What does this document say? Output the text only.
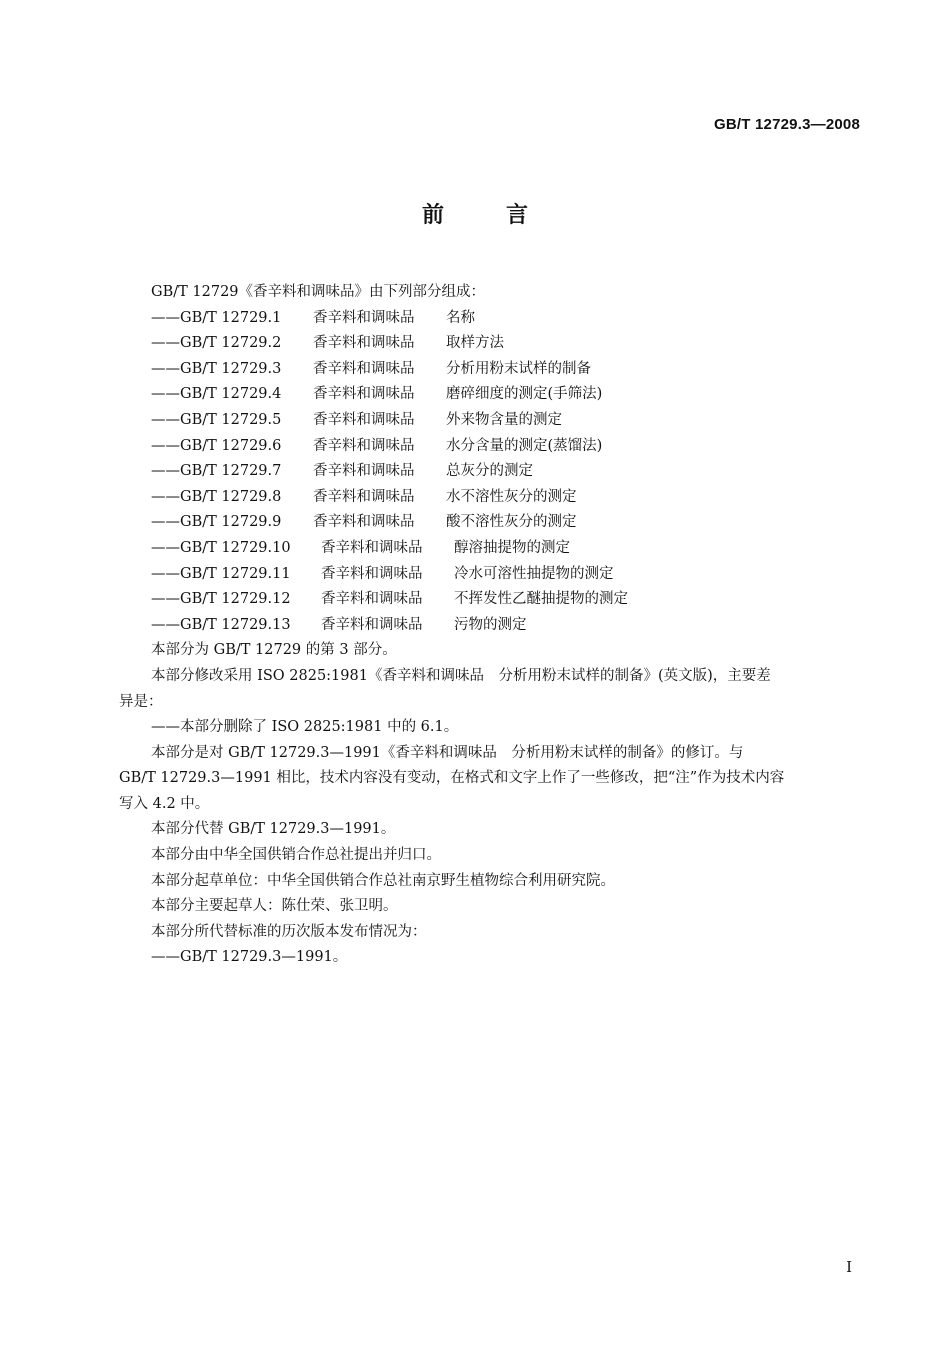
GB/T 12729.3—2008
前言
GB/T 12729《香辛料和调味品》由下列部分组成：
——GB/T 12729.1	香辛料和调味品	名称
——GB/T 12729.2	香辛料和调味品	取样方法
——GB/T 12729.3	香辛料和调味品	分析用粉末试样的制备
——GB/T 12729.4	香辛料和调味品	磨碎细度的测定(手筛法)
——GB/T 12729.5	香辛料和调味品	外来物含量的测定
——GB/T 12729.6	香辛料和调味品	水分含量的测定(蒸馏法)
——GB/T 12729.7	香辛料和调味品	总灰分的测定
——GB/T 12729.8	香辛料和调味品	水不溶性灰分的测定
——GB/T 12729.9	香辛料和调味品	酸不溶性灰分的测定
——GB/T 12729.10	香辛料和调味品	醇溶抽提物的测定
——GB/T 12729.11	香辛料和调味品	冷水可溶性抽提物的测定
——GB/T 12729.12	香辛料和调味品	不挥发性乙醚抽提物的测定
——GB/T 12729.13	香辛料和调味品	污物的测定
本部分为 GB/T 12729 的第 3 部分。
本部分修改采用 ISO 2825:1981《香辛料和调味品　分析用粉末试样的制备》(英文版)，主要差
异是：
——本部分删除了 ISO 2825:1981 中的 6.1。
本部分是对 GB/T 12729.3—1991《香辛料和调味品　分析用粉末试样的制备》的修订。与
GB/T 12729.3—1991 相比，技术内容没有变动，在格式和文字上作了一些修改，把“注”作为技术内容
写入 4.2 中。
本部分代替 GB/T 12729.3—1991。
本部分由中华全国供销合作总社提出并归口。
本部分起草单位：中华全国供销合作总社南京野生植物综合利用研究院。
本部分主要起草人：陈仕荣、张卫明。
本部分所代替标准的历次版本发布情况为：
——GB/T 12729.3—1991。
I
